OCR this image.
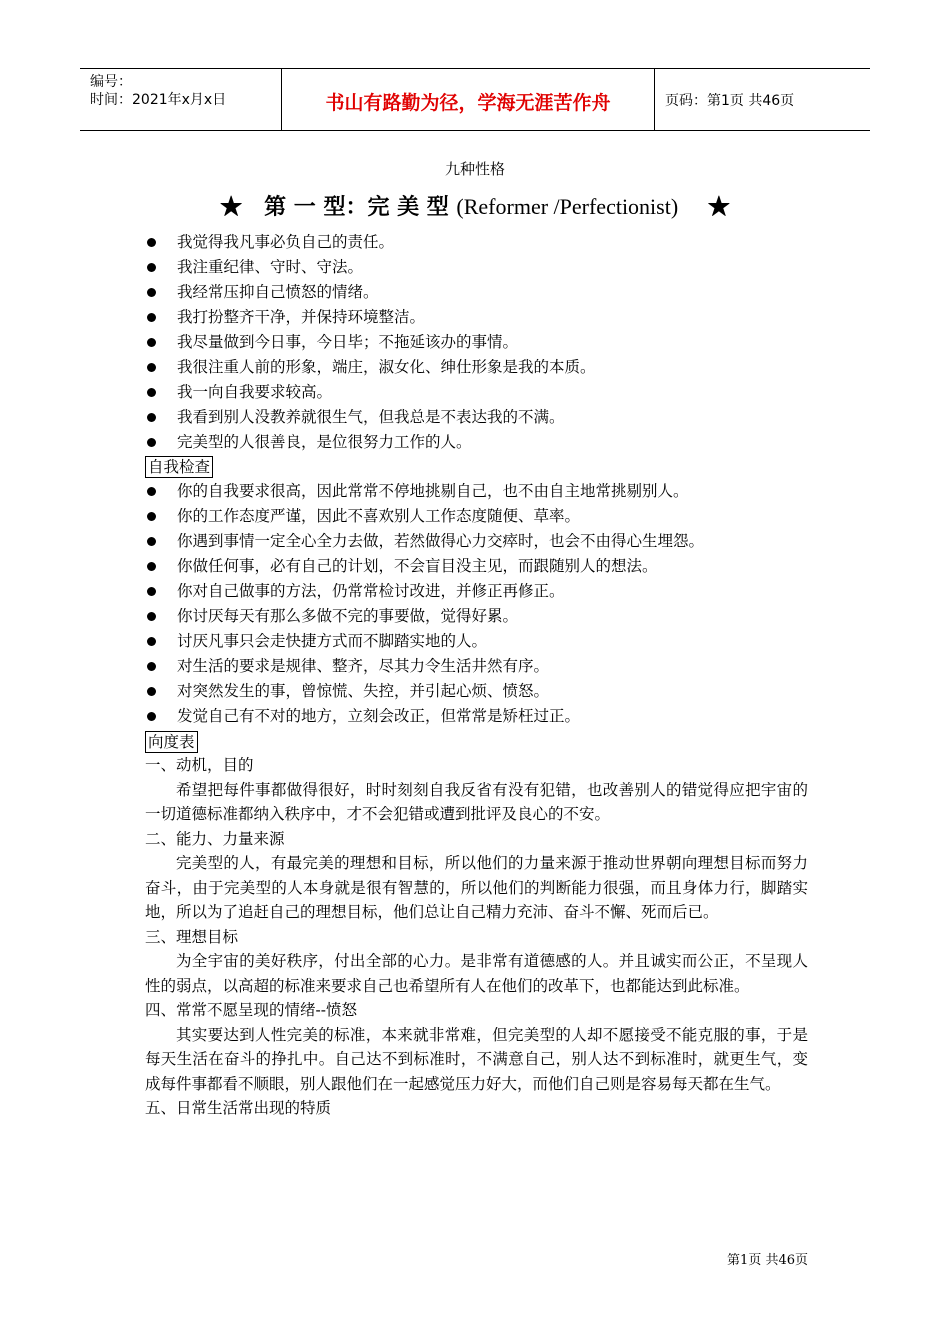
编号：
时间：2021年x月x日	书山有路勤为径，学海无涯苦作舟	页码：第1页 共46页
九种性格
★　第 一 型：完 美 型 (Reformer /Perfectionist)　 ★
我觉得我凡事必负自己的责任。
我注重纪律、守时、守法。
我经常压抑自己愤怒的情绪。
我打扮整齐干净，并保持环境整洁。
我尽量做到今日事，今日毕；不拖延该办的事情。
我很注重人前的形象，端庄，淑女化、绅仕形象是我的本质。
我一向自我要求较高。
我看到别人没教养就很生气，但我总是不表达我的不满。
完美型的人很善良，是位很努力工作的人。
自我检查
你的自我要求很高，因此常常不停地挑剔自己，也不由自主地常挑剔别人。
你的工作态度严谨，因此不喜欢别人工作态度随便、草率。
你遇到事情一定全心全力去做，若然做得心力交瘁时，也会不由得心生埋怨。
你做任何事，必有自己的计划，不会盲目没主见，而跟随别人的想法。
你对自己做事的方法，仍常常检讨改进，并修正再修正。
你讨厌每天有那么多做不完的事要做，觉得好累。
讨厌凡事只会走快捷方式而不脚踏实地的人。
对生活的要求是规律、整齐，尽其力令生活井然有序。
对突然发生的事，曾惊慌、失控，并引起心烦、愤怒。
发觉自己有不对的地方，立刻会改正，但常常是矫枉过正。
向度表

一、动机，目的

希望把每件事都做得很好，时时刻刻自我反省有没有犯错，也改善别人的错觉得应把宇宙的一切道德标准都纳入秩序中，才不会犯错或遭到批评及良心的不安。

二、能力、力量来源

完美型的人，有最完美的理想和目标，所以他们的力量来源于推动世界朝向理想目标而努力奋斗，由于完美型的人本身就是很有智慧的，所以他们的判断能力很强，而且身体力行，脚踏实地，所以为了追赶自己的理想目标，他们总让自己精力充沛、奋斗不懈、死而后已。

三、理想目标

为全宇宙的美好秩序，付出全部的心力。是非常有道德感的人。并且诚实而公正，不呈现人性的弱点，以高超的标准来要求自己也希望所有人在他们的改革下，也都能达到此标准。

四、常常不愿呈现的情绪--愤怒

其实要达到人性完美的标准，本来就非常难，但完美型的人却不愿接受不能克服的事，于是每天生活在奋斗的挣扎中。自己达不到标准时，不满意自己，别人达不到标准时，就更生气，变成每件事都看不顺眼，别人跟他们在一起感觉压力好大，而他们自己则是容易每天都在生气。

五、日常生活常出现的特质

第1页 共46页
